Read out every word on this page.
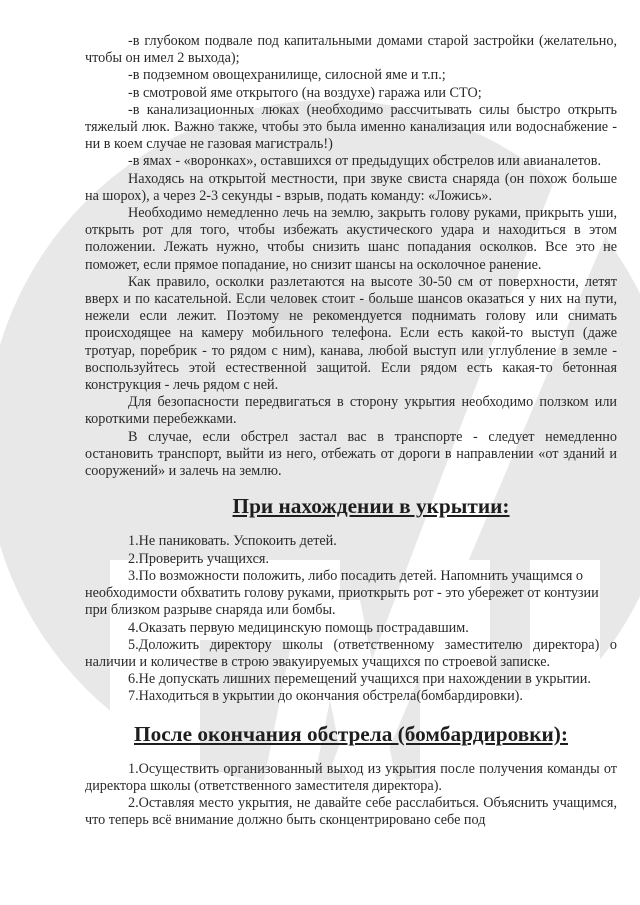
-в глубоком подвале под капитальными домами старой застройки (желательно, чтобы он имел 2 выхода);

-в подземном овощехранилище, силосной яме и т.п.;

-в смотровой яме открытого (на воздухе) гаража или СТО;

-в канализационных люках (необходимо рассчитывать силы быстро открыть тяжелый люк. Важно также, чтобы это была именно канализация или водоснабжение - ни в коем случае не газовая магистраль!)

-в ямах - «воронках», оставшихся от предыдущих обстрелов или авианалетов.

Находясь на открытой местности, при звуке свиста снаряда (он похож больше на шорох), а через 2-3 секунды - взрыв, подать команду: «Ложись».

Необходимо немедленно лечь на землю, закрыть голову руками, прикрыть уши, открыть рот для того, чтобы избежать акустического удара и находиться в этом положении. Лежать нужно, чтобы снизить шанс попадания осколков. Все это не поможет, если прямое попадание, но снизит шансы на осколочное ранение.

Как правило, осколки разлетаются на высоте 30-50 см от поверхности, летят вверх и по касательной. Если человек стоит - больше шансов оказаться у них на пути, нежели если лежит. Поэтому не рекомендуется поднимать голову или снимать происходящее на камеру мобильного телефона. Если есть какой-то выступ (даже тротуар, поребрик - то рядом с ним), канава, любой выступ или углубление в земле - воспользуйтесь этой естественной защитой. Если рядом есть какая-то бетонная конструкция - лечь рядом с ней.

Для безопасности передвигаться в сторону укрытия необходимо ползком или короткими перебежками.

В случае, если обстрел застал вас в транспорте - следует немедленно остановить транспорт, выйти из него, отбежать от дороги в направлении «от зданий и сооружений» и залечь на землю.

При нахождении в укрытии:

1.Не паниковать. Успокоить детей.

2.Проверить учащихся.

3.По возможности положить, либо посадить детей. Напомнить учащимся о необходимости обхватить голову руками, приоткрыть рот - это убережет от контузии при близком разрыве снаряда или бомбы.

4.Оказать первую медицинскую помощь пострадавшим.

5.Доложить директору школы (ответственному заместителю директора) о наличии и количестве в строю эвакуируемых учащихся по строевой записке.

6.Не допускать лишних перемещений учащихся при нахождении в укрытии.

7.Находиться в укрытии до окончания обстрела(бомбардировки).

После окончания обстрела (бомбардировки):

1.Осуществить организованный выход из укрытия после получения команды от директора школы (ответственного заместителя директора).

2.Оставляя место укрытия, не давайте себе расслабиться. Объяснить учащимся, что теперь всё внимание должно быть сконцентрировано себе под
